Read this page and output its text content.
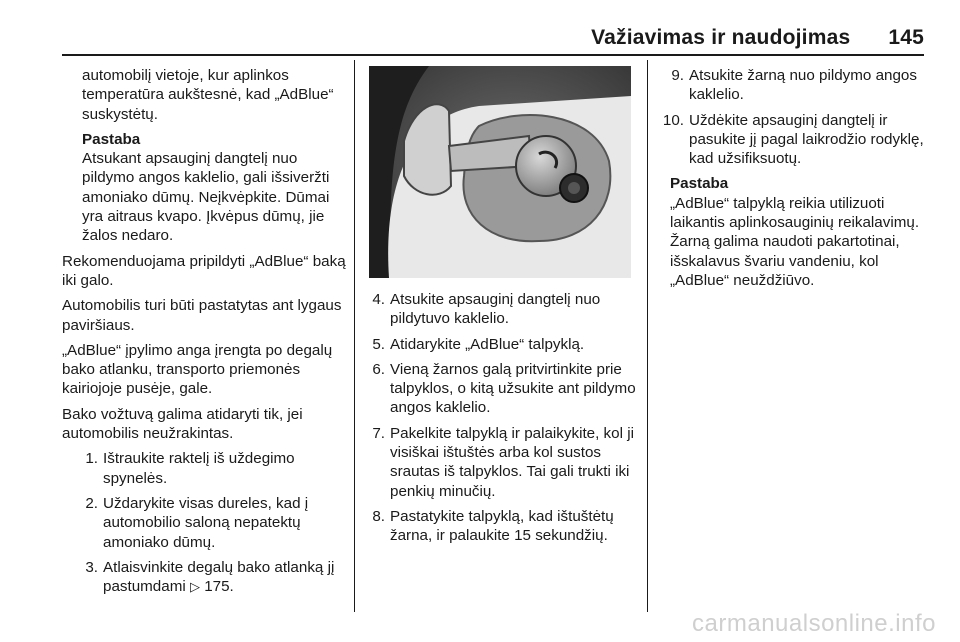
Važiavimas ir naudojimas 145

automobilį vietoje, kur aplinkos temperatūra aukštesnė, kad „AdBlue“ suskystėtų.

Pastaba

Atsukant apsauginį dangtelį nuo pildymo angos kaklelio, gali išsiveržti amoniako dūmų. Neįkvėpkite. Dūmai yra aitraus kvapo. Įkvėpus dūmų, jie žalos nedaro.

Rekomenduojama pripildyti „AdBlue“ baką iki galo.

Automobilis turi būti pastatytas ant lygaus paviršiaus.

„AdBlue“ įpylimo anga įrengta po degalų bako atlanku, transporto priemonės kairiojoje pusėje, gale.

Bako vožtuvą galima atidaryti tik, jei automobilis neužrakintas.

1. Ištraukite raktelį iš uždegimo spynelės.
2. Uždarykite visas dureles, kad į automobilio saloną nepatektų amoniako dūmų.
3. Atlaisvinkite degalų bako atlanką jį pastumdami ▷ 175.
4. Atsukite apsauginį dangtelį nuo pildytuvo kaklelio.
5. Atidarykite „AdBlue“ talpyklą.
6. Vieną žarnos galą pritvirtinkite prie talpyklos, o kitą užsukite ant pildymo angos kaklelio.
7. Pakelkite talpyklą ir palaikykite, kol ji visiškai ištuštės arba kol sustos srautas iš talpyklos. Tai gali trukti iki penkių minučių.
8. Pastatykite talpyklą, kad ištuštėtų žarna, ir palaukite 15 sekundžių.
9. Atsukite žarną nuo pildymo angos kaklelio.
10. Uždėkite apsauginį dangtelį ir pasukite jį pagal laikrodžio rodyklę, kad užsifiksuotų.
Pastaba

„AdBlue“ talpyklą reikia utilizuoti laikantis aplinkosauginių reikalavimų. Žarną galima naudoti pakartotinai, išskalavus švariu vandeniu, kol „AdBlue“ neuždžiūvo.

carmanualsonline.info
